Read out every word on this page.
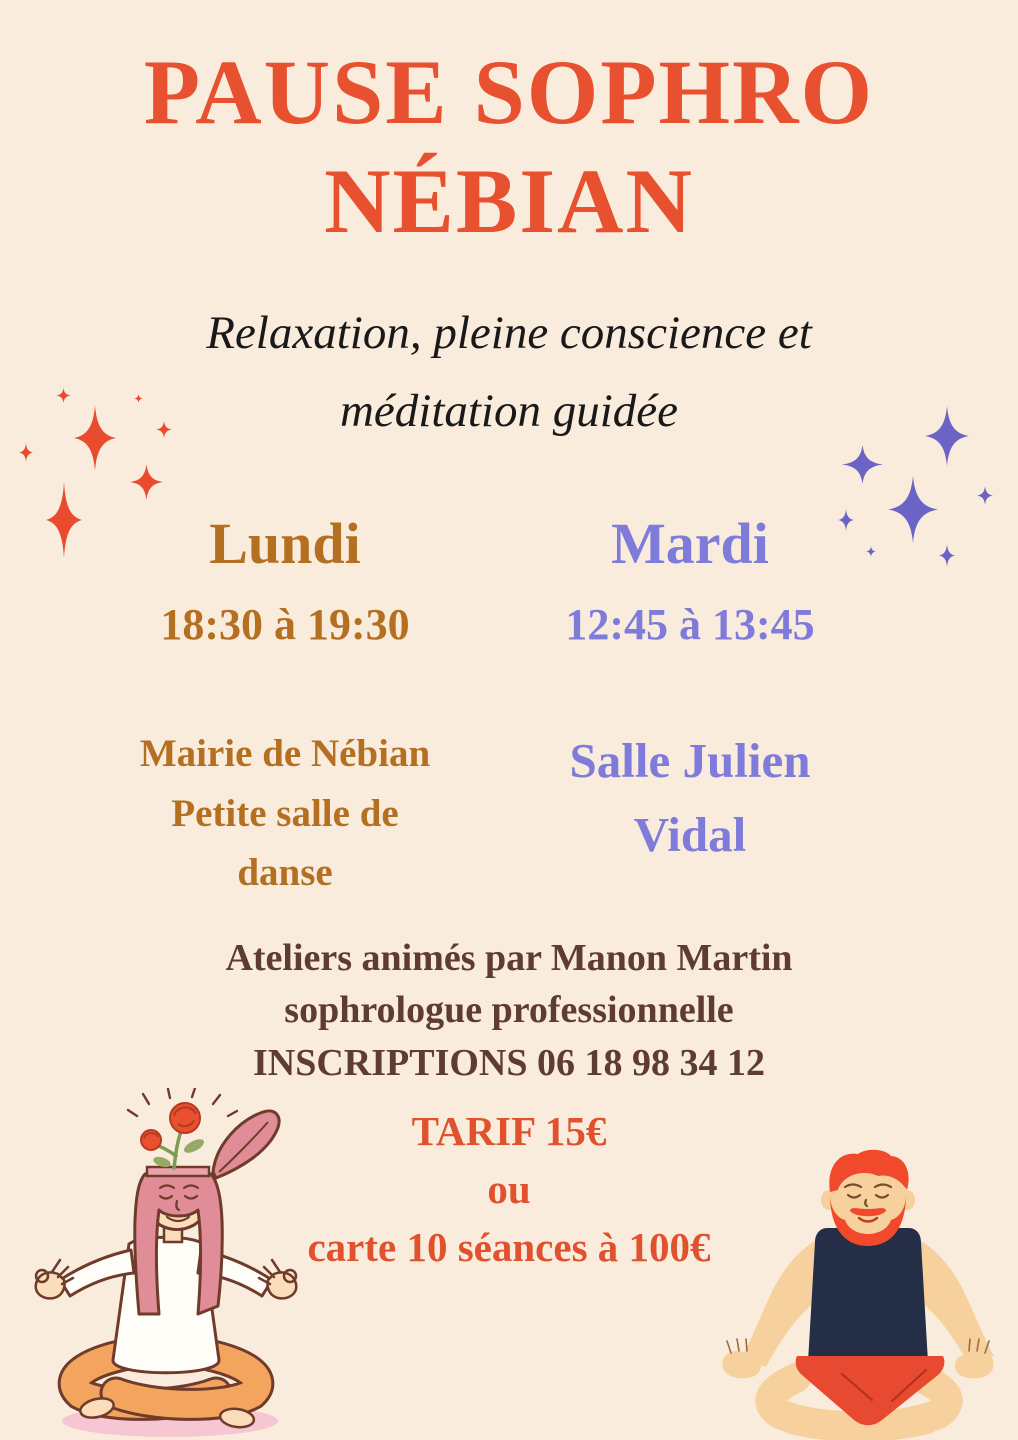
PAUSE SOPHRO
NÉBIAN
Relaxation, pleine conscience et
méditation guidée
Lundi
18:30 à 19:30
Mairie de Nébian
Petite salle de
danse
Mardi
12:45 à 13:45
Salle Julien
Vidal
Ateliers animés par Manon Martin
sophrologue professionnelle
INSCRIPTIONS 06 18 98 34 12
TARIF 15€
ou
carte 10 séances à 100€
